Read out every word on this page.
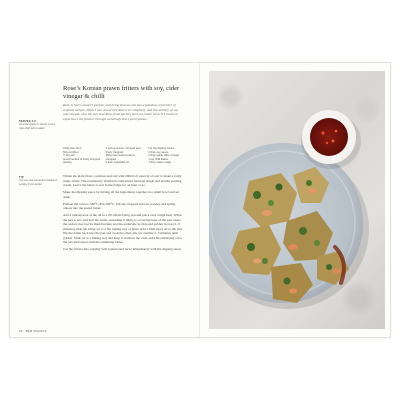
Rose’s Korean prawn fritters with soy, cider vinegar & chilli
Rose is Sue’s cousin’s partner and being Korean she has a fabulous repertoire of seafood recipes. What I love about this dish is its simplicity and the subtlety of soy and vinegar, also the fact that Rose finds parsley such an exotic herb. It’s lovely to experience the flavour through somebody else’s perceptions.
SERVES 4-6
as a bar snack or serves 2 as a main dish with a salad
TIP
You can use coriander instead of parsley if you prefer.
100g plain flour
50g cornflour
½ tsp salt
Good handful of finely chopped parsley
2 spring onions, trimmed and finely chopped
300g raw peeled prawns, chopped
2 tbsp vegetable oil
For the dipping sauce
2 tbsp soy sauce
2 tbsp apple cider vinegar
1 tsp chilli flakes
1 tbsp caster sugar

Whisk the plain flour, cornflour and salt with 200ml of water in a bowl to make a fairly runny batter. The consistency should be somewhere between single and double pouring cream. Leave the batter to rest in the fridge for an hour or so.

Make the dipping sauce by mixing all the ingredients together in a small bowl and set aside.

Preheat the oven to 180°C/Fan 160°C. Stir the chopped prawns, parsley and spring onions into the rested batter.

Add 2 tablespoons of the oil to a 20–26cm frying pan and place over a high heat. When the pan is hot, add half the batter, spreading it thinly to cover the base of the pan. Once the surface has lost its liquid texture and the underside is crisp and golden brown (2–3 minutes) slide the fritter on to a flat baking tray or plate. Add a little more oil to the pan, flip the fritter back into the pan and cook the other side for another 2–3 minutes until golden. Slide on to a baking tray and keep it warm in the oven. Add the remaining oil to the pan and repeat with the remaining batter.

Cut the fritters into roughly 5cm squares and serve immediately with the dipping sauce.

20 BAR SNACKS
